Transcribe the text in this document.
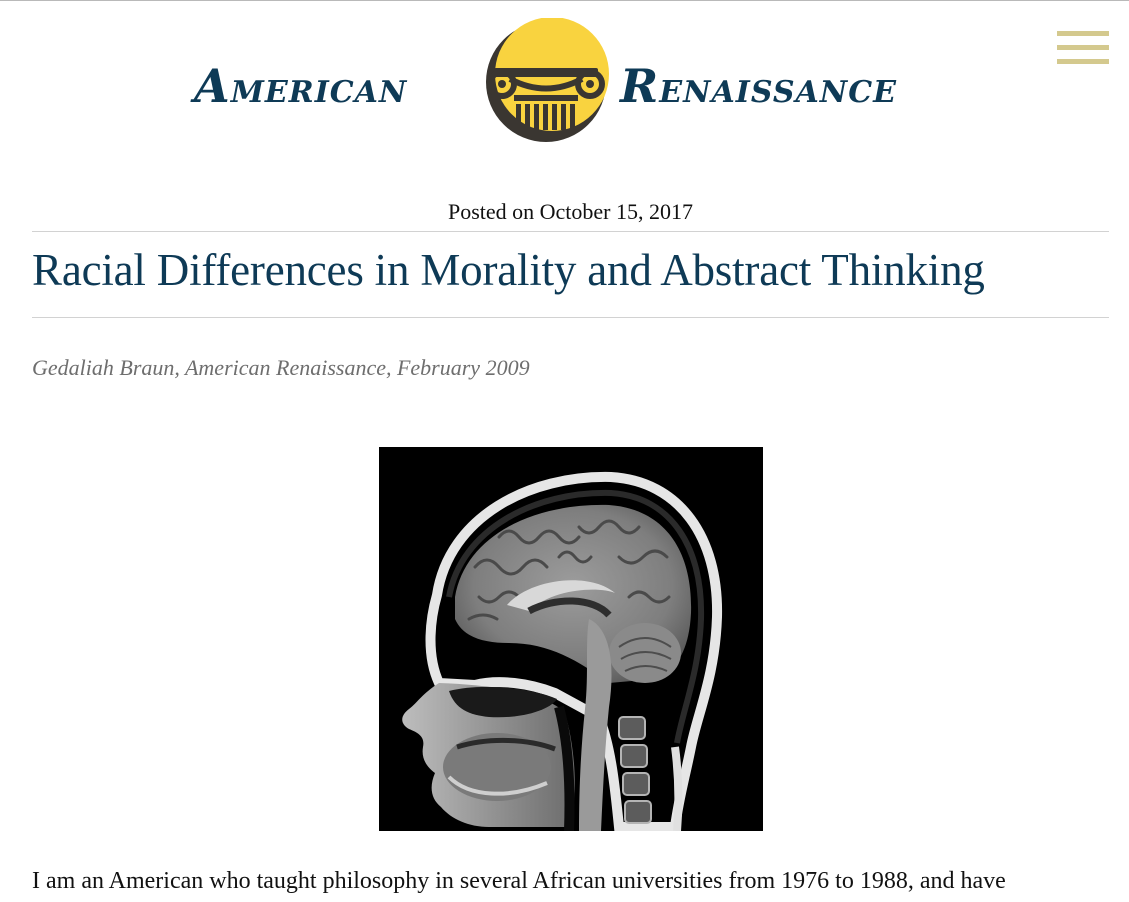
AMERICAN	RENAISSANCE
Posted on October 15, 2017
Racial Differences in Morality and Abstract Thinking
Gedaliah Braun, American Renaissance, February 2009

I am an American who taught philosophy in several African universities from 1976 to 1988, and have
